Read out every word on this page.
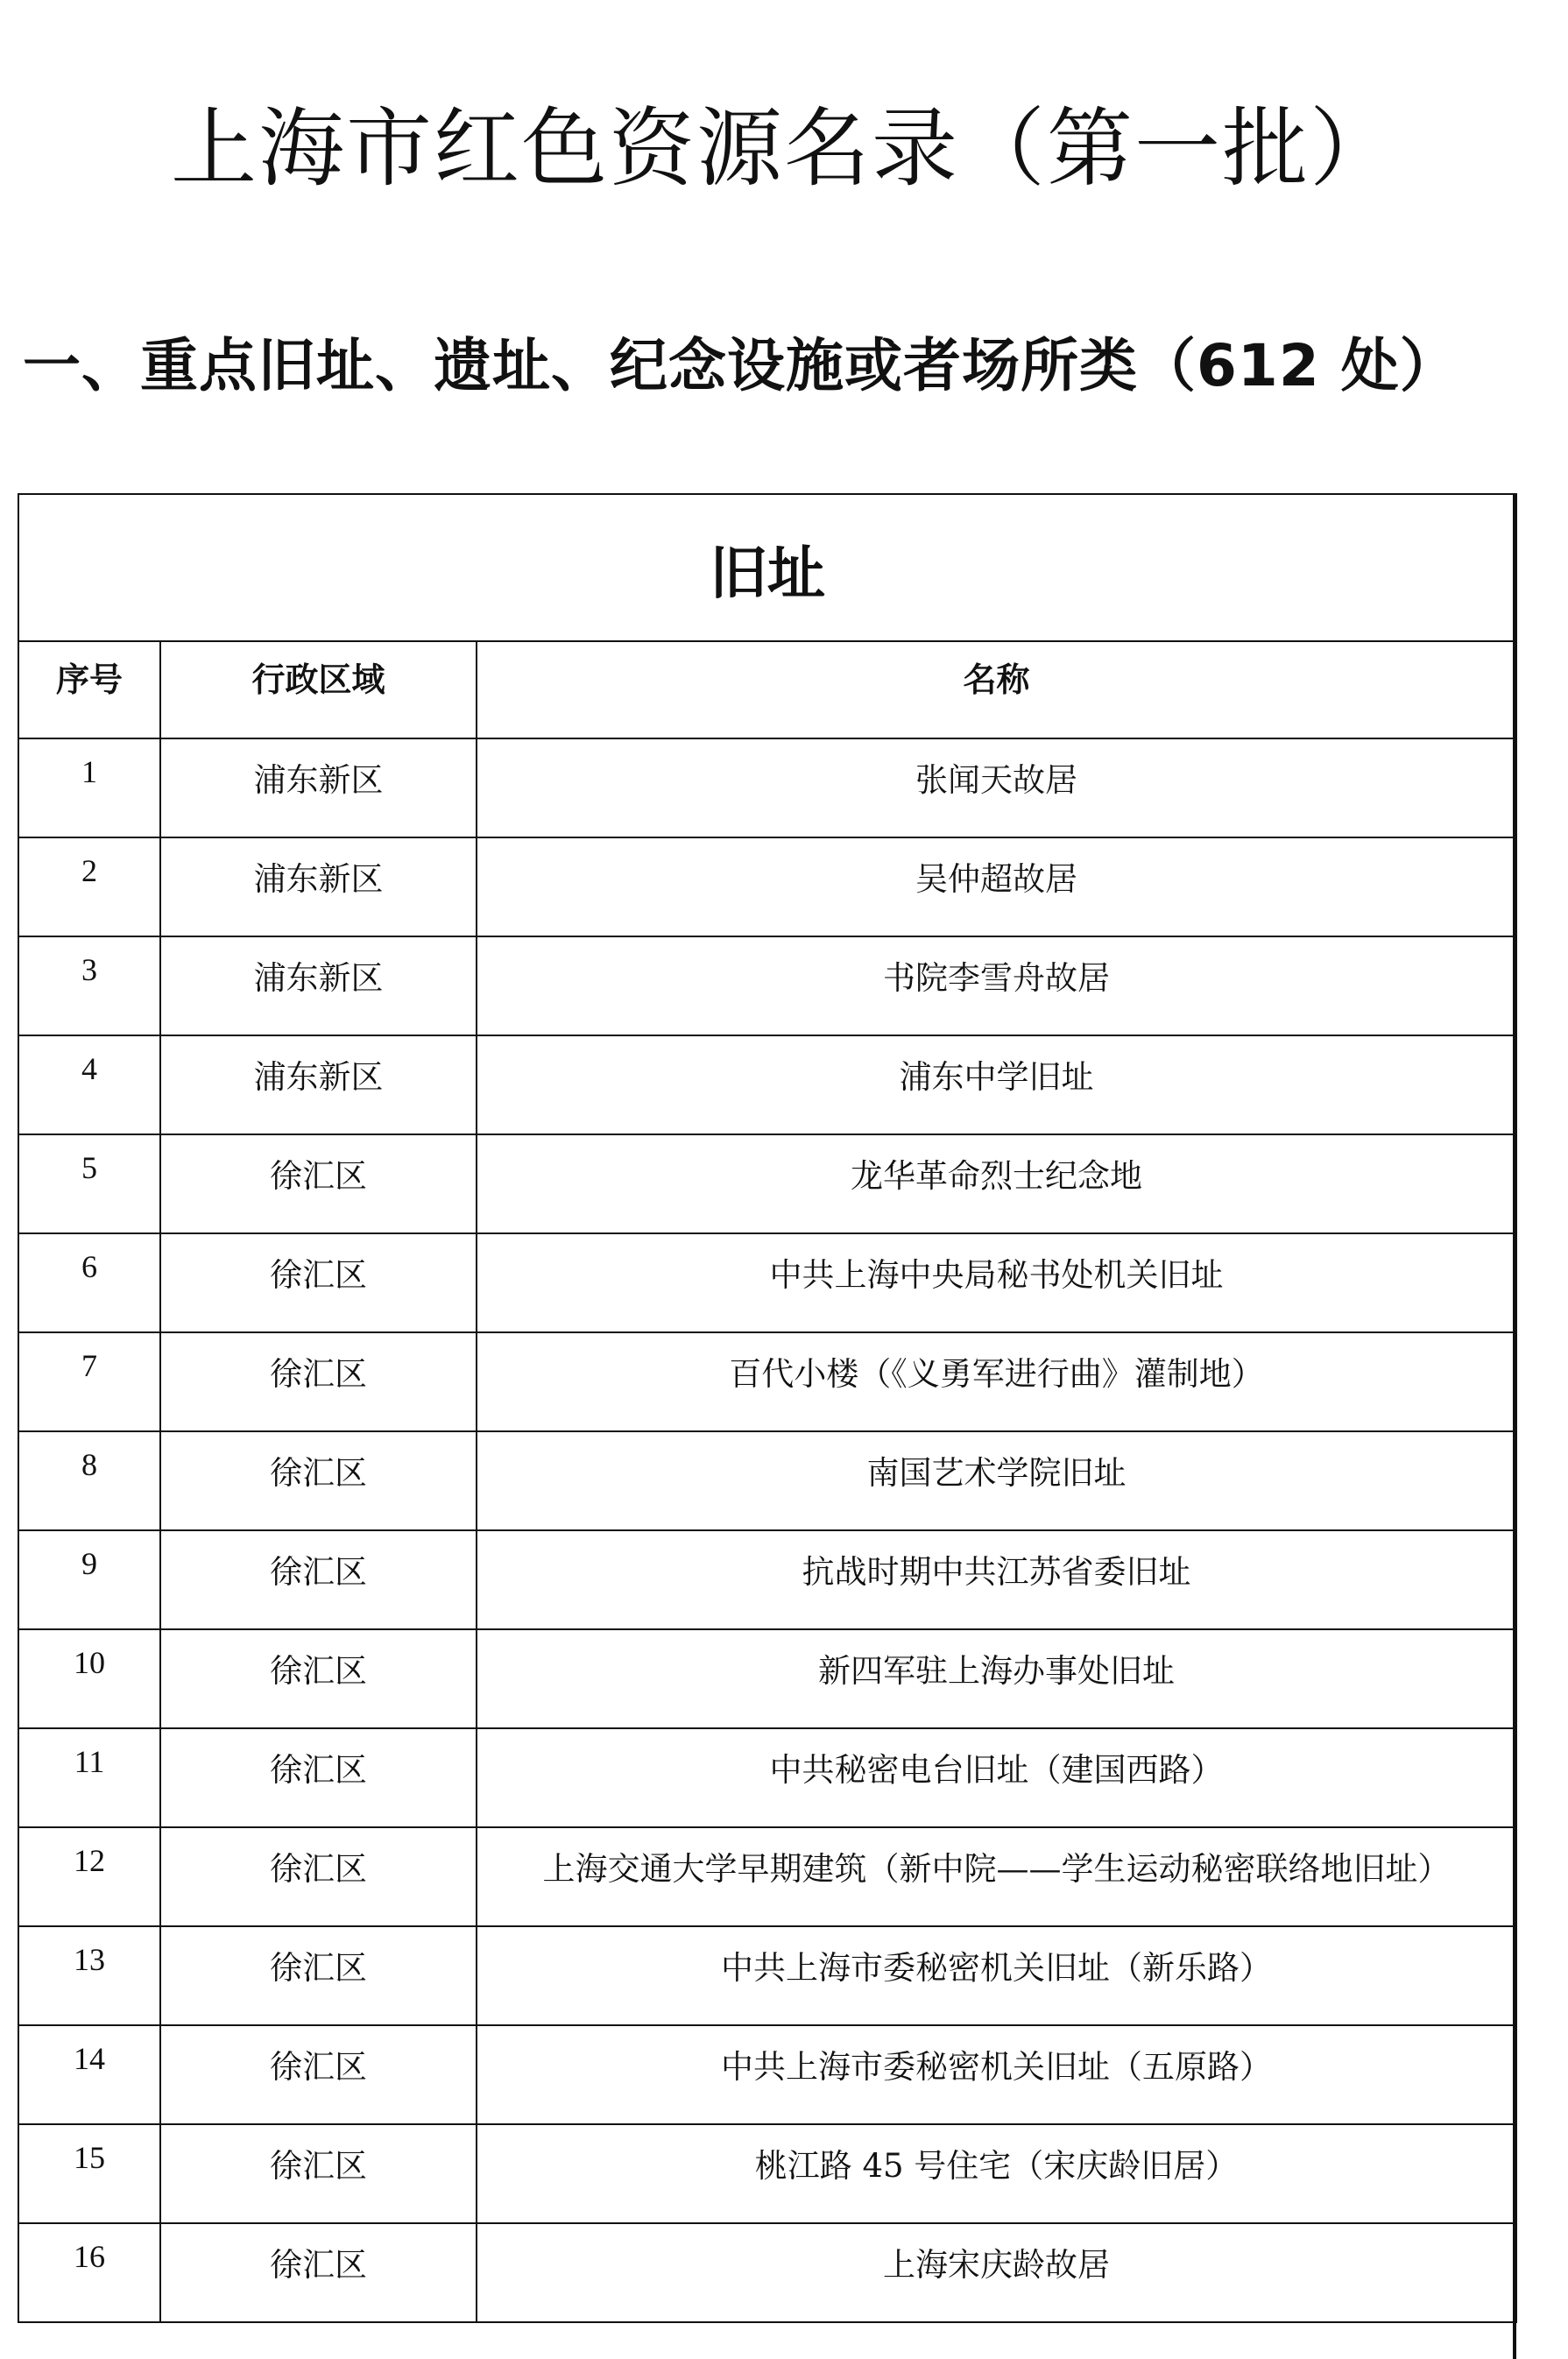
上海市红色资源名录（第一批）
一、重点旧址、遗址、纪念设施或者场所类（612 处）
旧址		
序号	行政区域	名称
1	浦东新区	张闻天故居
2	浦东新区	吴仲超故居
3	浦东新区	书院李雪舟故居
4	浦东新区	浦东中学旧址
5	徐汇区	龙华革命烈士纪念地
6	徐汇区	中共上海中央局秘书处机关旧址
7	徐汇区	百代小楼（《义勇军进行曲》灌制地）
8	徐汇区	南国艺术学院旧址
9	徐汇区	抗战时期中共江苏省委旧址
10	徐汇区	新四军驻上海办事处旧址
11	徐汇区	中共秘密电台旧址（建国西路）
12	徐汇区	上海交通大学早期建筑（新中院——学生运动秘密联络地旧址）
13	徐汇区	中共上海市委秘密机关旧址（新乐路）
14	徐汇区	中共上海市委秘密机关旧址（五原路）
15	徐汇区	桃江路 45 号住宅（宋庆龄旧居）
16	徐汇区	上海宋庆龄故居
